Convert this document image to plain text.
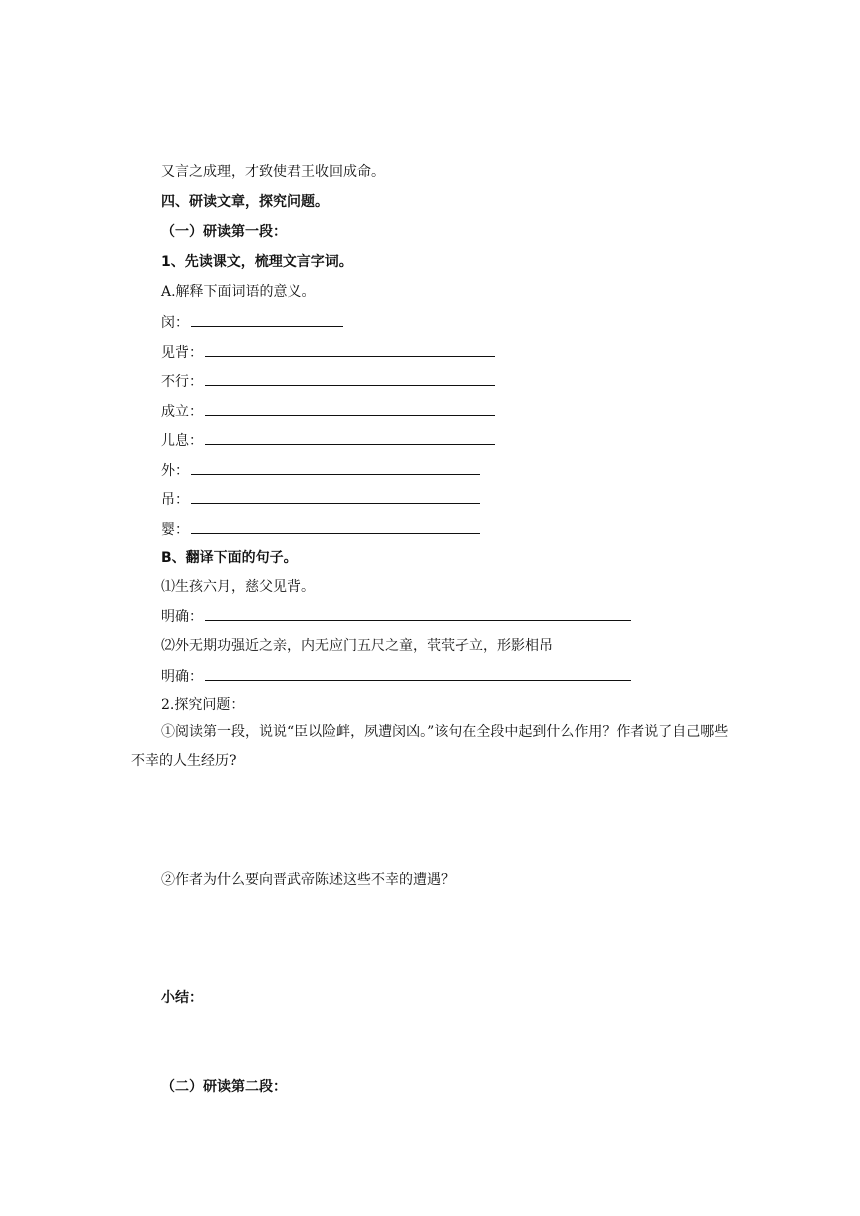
又言之成理，才致使君王收回成命。
四、研读文章，探究问题。
（一）研读第一段：
1、先读课文，梳理文言字词。
A.解释下面词语的意义。
闵：
见背：
不行：
成立：
儿息：
外：
吊：
婴：
B、翻译下面的句子。
⑴生孩六月，慈父见背。
明确：
⑵外无期功强近之亲，内无应门五尺之童，茕茕孑立，形影相吊
明确：
2.探究问题：
①阅读第一段，说说“臣以险衅，夙遭闵凶。”该句在全段中起到什么作用？作者说了自己哪些不幸的人生经历?
②作者为什么要向晋武帝陈述这些不幸的遭遇？
小结：
（二）研读第二段：
